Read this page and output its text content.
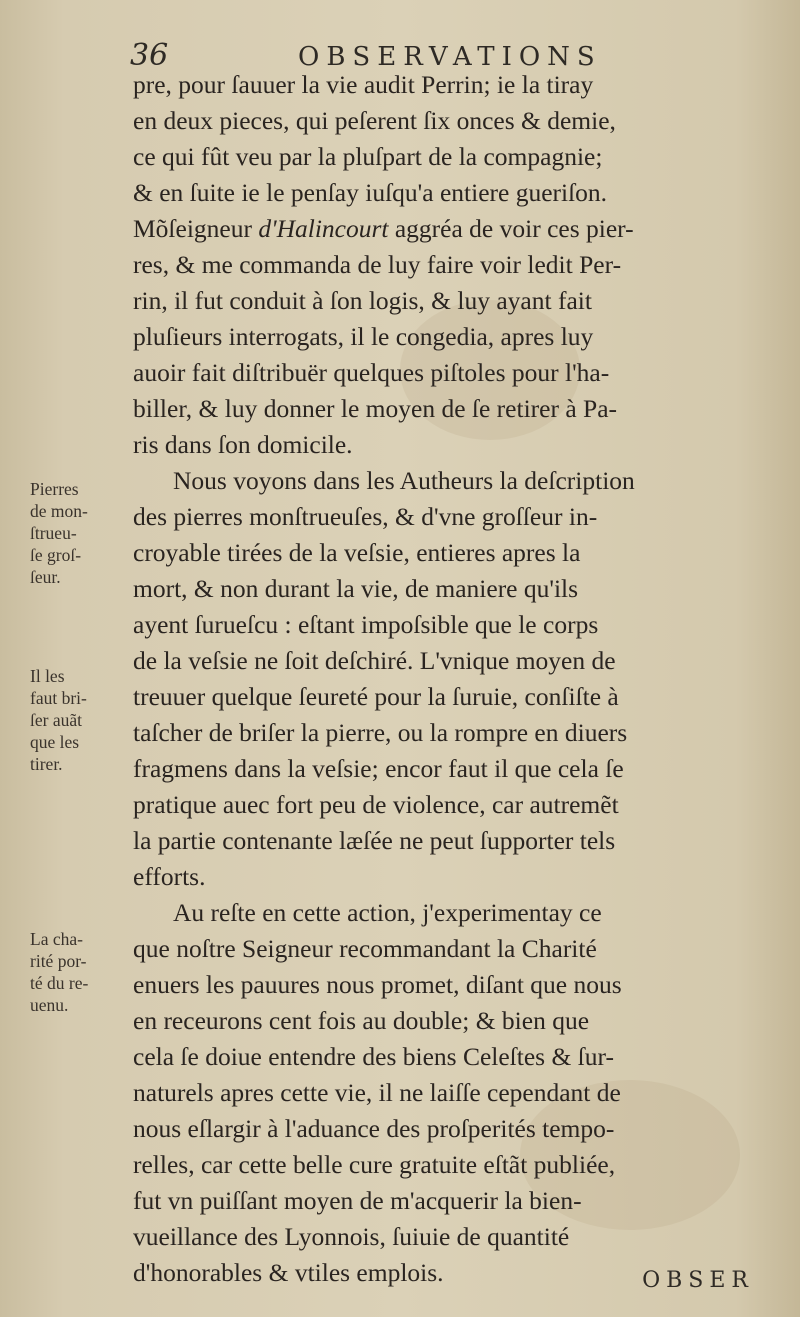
36	OBSERVATIONS
pre, pour ſauuer la vie audit Perrin; ie la tiray
en deux pieces, qui peſerent ſix onces & demie,
ce qui fût veu par la pluſpart de la compagnie;
& en ſuite ie le penſay iuſqu'a entiere gueriſon.
Mõſeigneur d'Halincourt aggréa de voir ces pier-
res, & me commanda de luy faire voir ledit Per-
rin, il fut conduit à ſon logis, & luy ayant fait
pluſieurs interrogats, il le congedia, apres luy
auoir fait diſtribuër quelques piſtoles pour l'ha-
biller, & luy donner le moyen de ſe retirer à Pa-
ris dans ſon domicile.
Nous voyons dans les Autheurs la deſcription
des pierres monſtrueuſes, & d'vne groſſeur in-
croyable tirées de la veſsie, entieres apres la
mort, & non durant la vie, de maniere qu'ils
ayent ſurueſcu : eſtant impoſsible que le corps
de la veſsie ne ſoit deſchiré. L'vnique moyen de
treuuer quelque ſeureté pour la ſuruie, conſiſte à
taſcher de briſer la pierre, ou la rompre en diuers
fragmens dans la veſsie; encor faut il que cela ſe
pratique auec fort peu de violence, car autremẽt
la partie contenante læſée ne peut ſupporter tels
efforts.
Au reſte en cette action, j'experimentay ce
que noſtre Seigneur recommandant la Charité
enuers les pauures nous promet, diſant que nous
en receurons cent fois au double; & bien que
cela ſe doiue entendre des biens Celeſtes & ſur-
naturels apres cette vie, il ne laiſſe cependant de
nous eſlargir à l'aduance des proſperités tempo-
relles, car cette belle cure gratuite eſtãt publiée,
fut vn puiſſant moyen de m'acquerir la bien-
vueillance des Lyonnois, ſuiuie de quantité
d'honorables & vtiles emplois.
Pierres
de mon-
ſtrueu-
ſe groſ-
ſeur.
Il les
faut bri-
ſer auãt
que les
tirer.
La cha-
rité por-
té du re-
uenu.
OBSER
